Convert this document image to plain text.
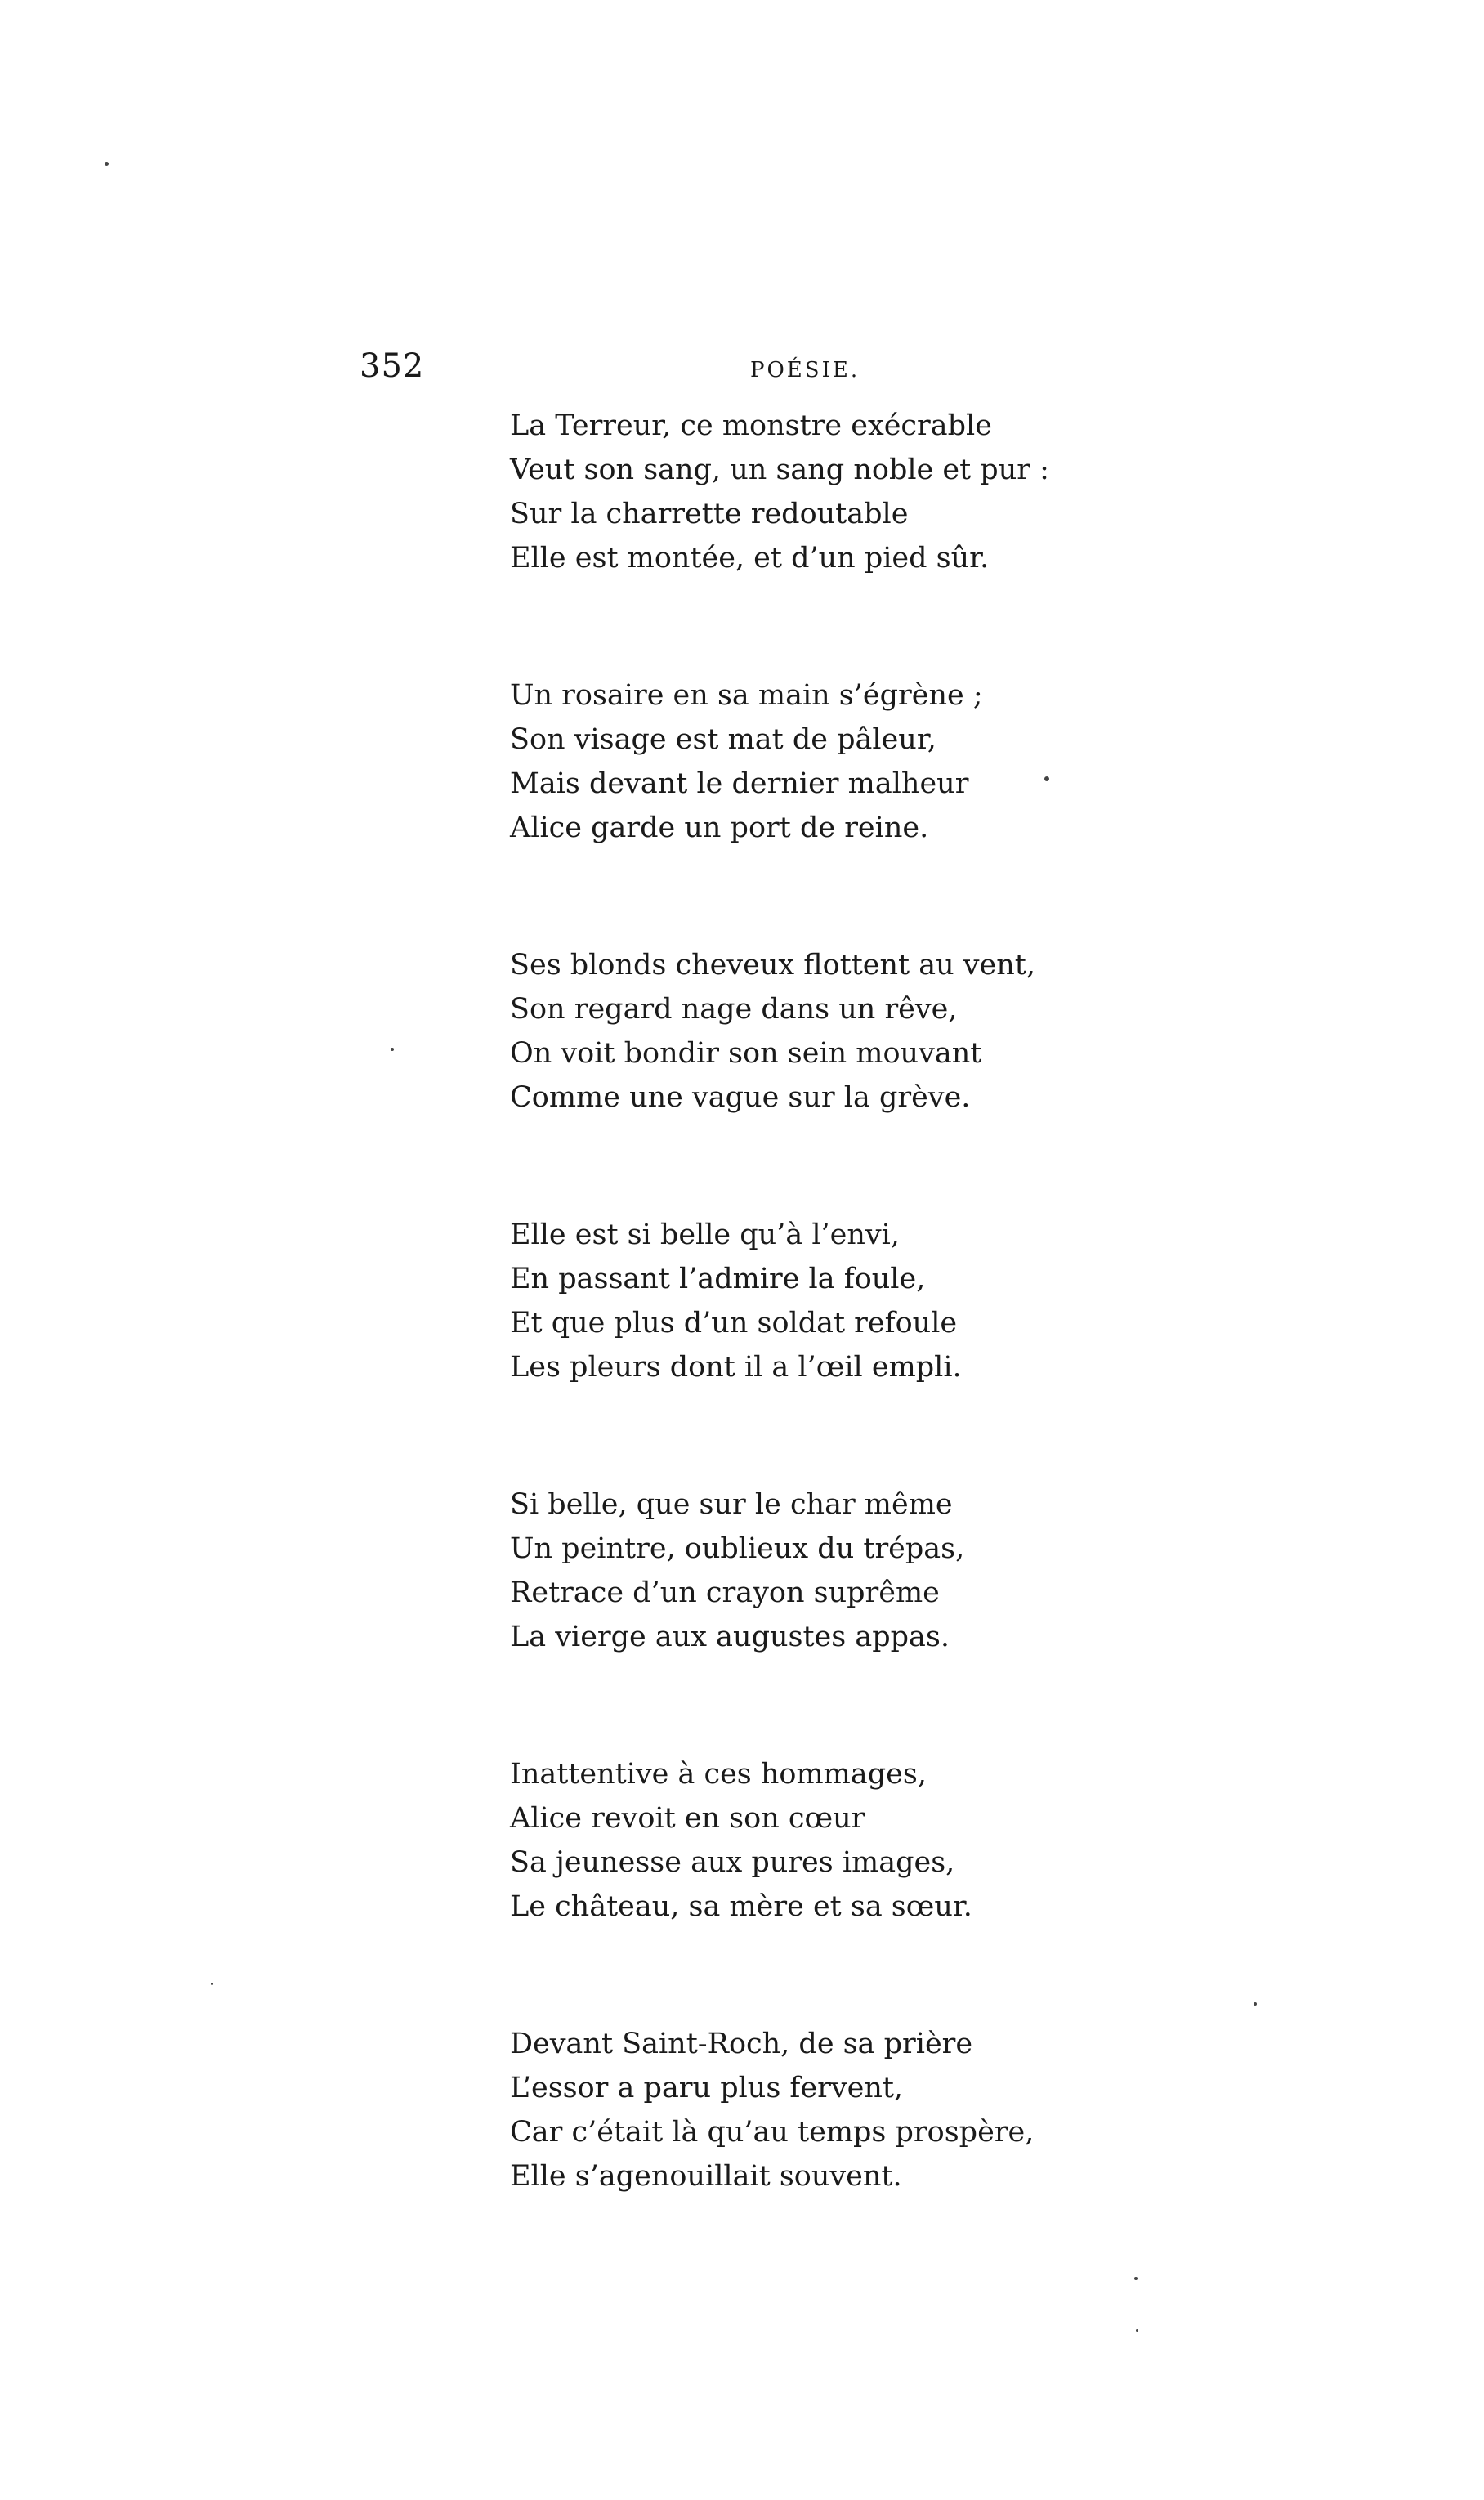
352	POÉSIE.
La Terreur, ce monstre exécrable
Veut son sang, un sang noble et pur :
Sur la charrette redoutable
Elle est montée, et d’un pied sûr.
Un rosaire en sa main s’égrène ;
Son visage est mat de pâleur,
Mais devant le dernier malheur
Alice garde un port de reine.
Ses blonds cheveux flottent au vent,
Son regard nage dans un rêve,
On voit bondir son sein mouvant
Comme une vague sur la grève.
Elle est si belle qu’à l’envi,
En passant l’admire la foule,
Et que plus d’un soldat refoule
Les pleurs dont il a l’œil empli.
Si belle, que sur le char même
Un peintre, oublieux du trépas,
Retrace d’un crayon suprême
La vierge aux augustes appas.
Inattentive à ces hommages,
Alice revoit en son cœur
Sa jeunesse aux pures images,
Le château, sa mère et sa sœur.
Devant Saint-Roch, de sa prière
L’essor a paru plus fervent,
Car c’était là qu’au temps prospère,
Elle s’agenouillait souvent.
